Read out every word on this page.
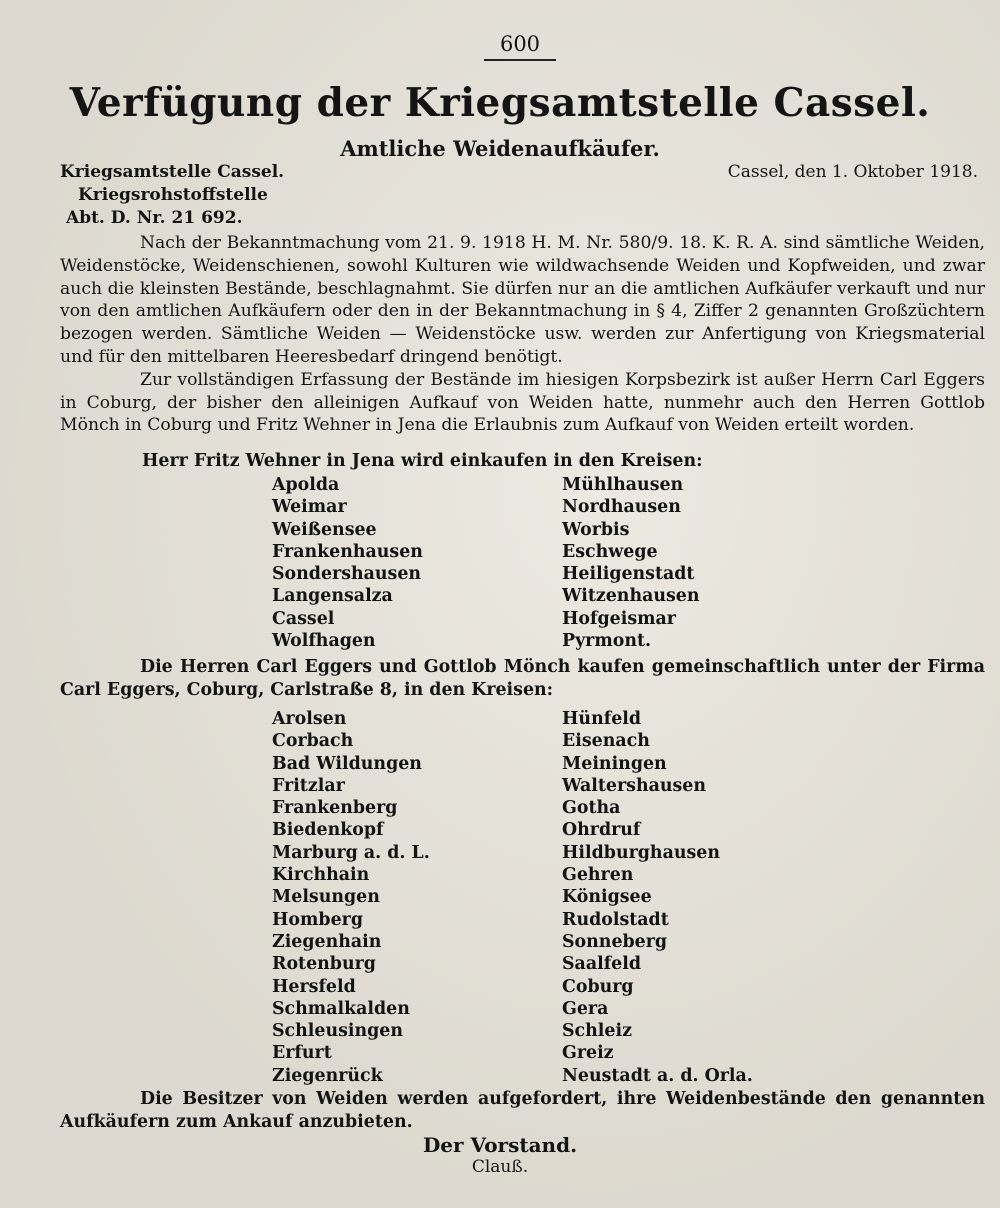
600
Verfügung der Kriegsamtstelle Cassel.
Amtliche Weidenaufkäufer.
Kriegsamtstelle Cassel.
Kriegsrohstoffstelle
Abt. D. Nr. 21 692.
Cassel, den 1. Oktober 1918.

Nach der Bekanntmachung vom 21. 9. 1918 H. M. Nr. 580/9. 18. K. R. A. sind sämtliche Weiden, Weidenstöcke, Weidenschienen, sowohl Kulturen wie wildwachsende Weiden und Kopfweiden, und zwar auch die kleinsten Bestände, beschlagnahmt. Sie dürfen nur an die amtlichen Aufkäufer verkauft und nur von den amtlichen Aufkäufern oder den in der Bekanntmachung in § 4, Ziffer 2 genannten Großzüchtern bezogen werden. Sämtliche Weiden — Weidenstöcke usw. werden zur Anfertigung von Kriegsmaterial und für den mittelbaren Heeresbedarf dringend benötigt.

Zur vollständigen Erfassung der Bestände im hiesigen Korpsbezirk ist außer Herrn Carl Eggers in Coburg, der bisher den alleinigen Aufkauf von Weiden hatte, nunmehr auch den Herren Gottlob Mönch in Coburg und Fritz Wehner in Jena die Erlaubnis zum Aufkauf von Weiden erteilt worden.

Herr Fritz Wehner in Jena wird einkaufen in den Kreisen:
Apolda
Weimar
Weißensee
Frankenhausen
Sondershausen
Langensalza
Cassel
Wolfhagen
Mühlhausen
Nordhausen
Worbis
Eschwege
Heiligenstadt
Witzenhausen
Hofgeismar
Pyrmont.

Die Herren Carl Eggers und Gottlob Mönch kaufen gemeinschaftlich unter der Firma Carl Eggers, Coburg, Carlstraße 8, in den Kreisen:

Arolsen
Corbach
Bad Wildungen
Fritzlar
Frankenberg
Biedenkopf
Marburg a. d. L.
Kirchhain
Melsungen
Homberg
Ziegenhain
Rotenburg
Hersfeld
Schmalkalden
Schleusingen
Erfurt
Ziegenrück
Hünfeld
Eisenach
Meiningen
Waltershausen
Gotha
Ohrdruf
Hildburghausen
Gehren
Königsee
Rudolstadt
Sonneberg
Saalfeld
Coburg
Gera
Schleiz
Greiz
Neustadt a. d. Orla.

Die Besitzer von Weiden werden aufgefordert, ihre Weidenbestände den genannten Aufkäufern zum Ankauf anzubieten.

Der Vorstand.
Clauß.
